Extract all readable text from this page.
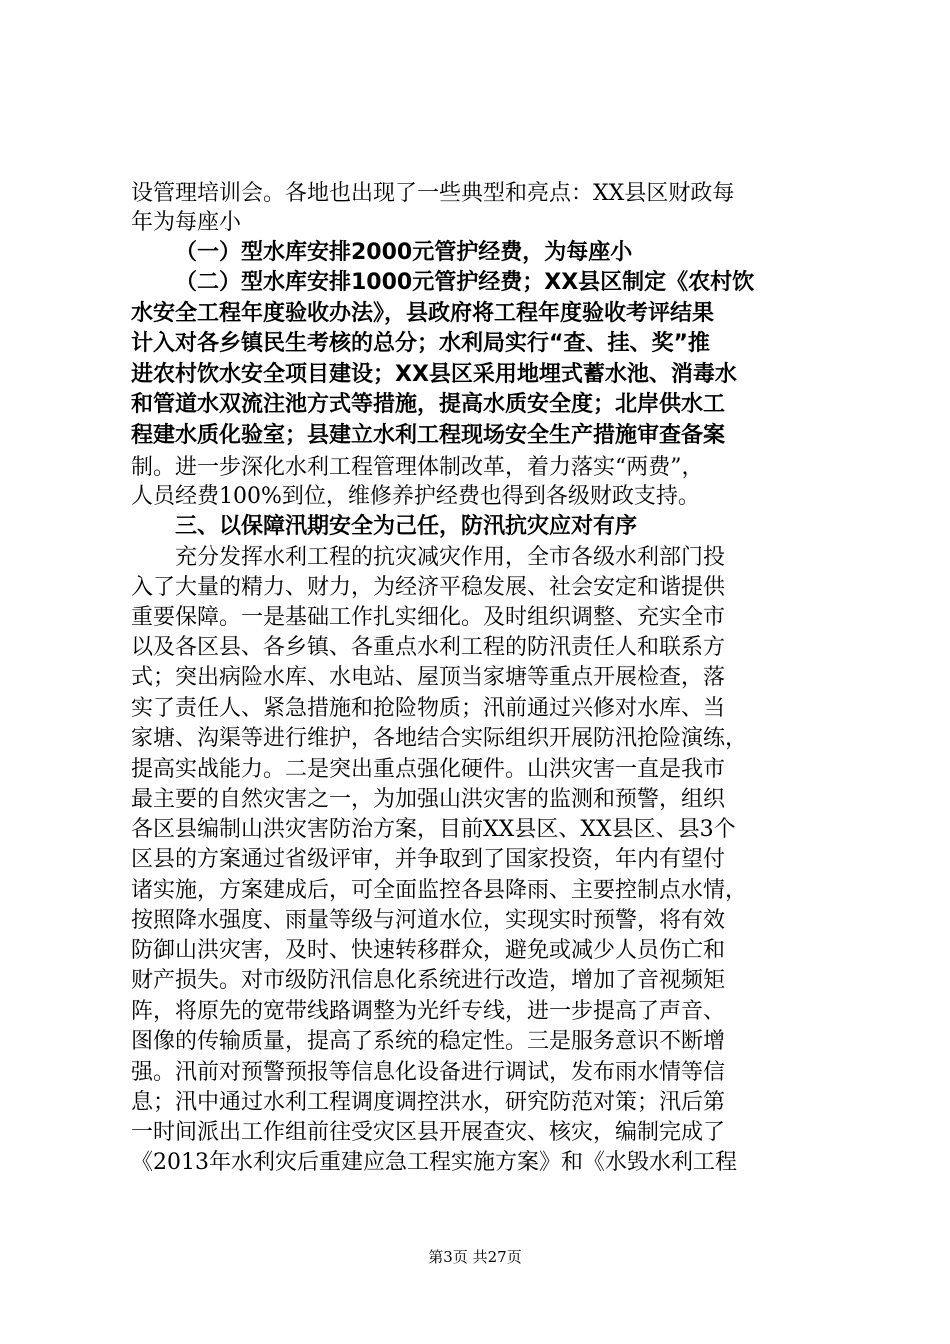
设管理培训会。各地也出现了一些典型和亮点：XX县区财政每
年为每座小
（一）型水库安排2000元管护经费，为每座小
（二）型水库安排1000元管护经费；XX县区制定《农村饮
水安全工程年度验收办法》，县政府将工程年度验收考评结果
计入对各乡镇民生考核的总分；水利局实行“查、挂、奖”推
进农村饮水安全项目建设；XX县区采用地埋式蓄水池、消毒水
和管道水双流注池方式等措施，提高水质安全度；北岸供水工
程建水质化验室；县建立水利工程现场安全生产措施审查备案
制。进一步深化水利工程管理体制改革，着力落实“两费”，
人员经费100%到位，维修养护经费也得到各级财政支持。
三、以保障汛期安全为己任，防汛抗灾应对有序
充分发挥水利工程的抗灾减灾作用，全市各级水利部门投
入了大量的精力、财力，为经济平稳发展、社会安定和谐提供
重要保障。一是基础工作扎实细化。及时组织调整、充实全市
以及各区县、各乡镇、各重点水利工程的防汛责任人和联系方
式；突出病险水库、水电站、屋顶当家塘等重点开展检查，落
实了责任人、紧急措施和抢险物质；汛前通过兴修对水库、当
家塘、沟渠等进行维护，各地结合实际组织开展防汛抢险演练，
提高实战能力。二是突出重点强化硬件。山洪灾害一直是我市
最主要的自然灾害之一，为加强山洪灾害的监测和预警，组织
各区县编制山洪灾害防治方案，目前XX县区、XX县区、县3个
区县的方案通过省级评审，并争取到了国家投资，年内有望付
诸实施，方案建成后，可全面监控各县降雨、主要控制点水情，
按照降水强度、雨量等级与河道水位，实现实时预警，将有效
防御山洪灾害，及时、快速转移群众，避免或减少人员伤亡和
财产损失。对市级防汛信息化系统进行改造，增加了音视频矩
阵，将原先的宽带线路调整为光纤专线，进一步提高了声音、
图像的传输质量，提高了系统的稳定性。三是服务意识不断增
强。汛前对预警预报等信息化设备进行调试，发布雨水情等信
息；汛中通过水利工程调度调控洪水，研究防范对策；汛后第
一时间派出工作组前往受灾区县开展查灾、核灾，编制完成了
《2013年水利灾后重建应急工程实施方案》和《水毁水利工程
第3页 共27页
